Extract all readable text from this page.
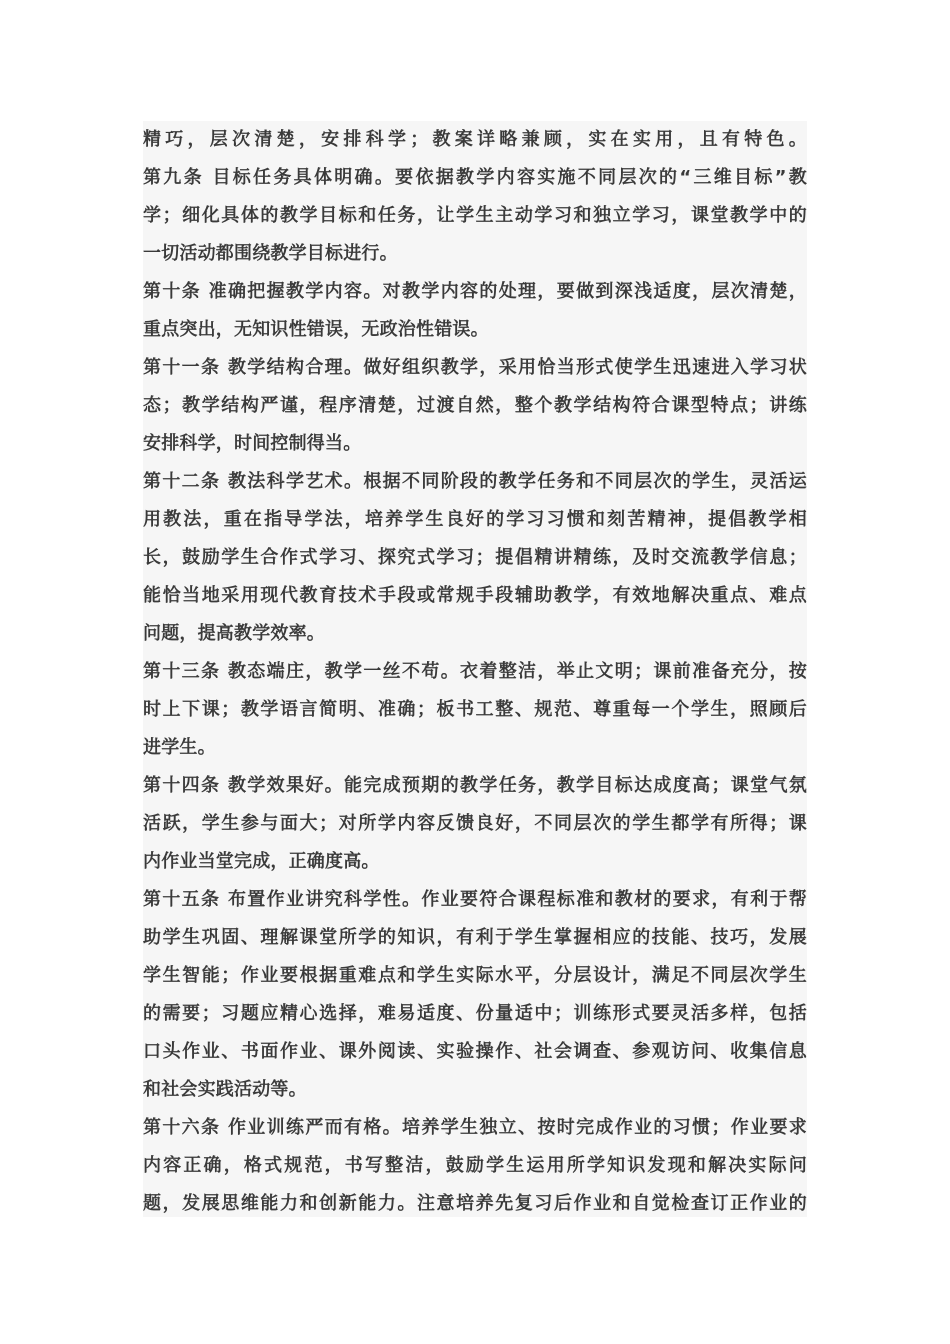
精巧，层次清楚，安排科学；教案详略兼顾，实在实用，且有特色。
第九条 目标任务具体明确。要依据教学内容实施不同层次的“三维目标”教
学；细化具体的教学目标和任务，让学生主动学习和独立学习，课堂教学中的
一切活动都围绕教学目标进行。
第十条 准确把握教学内容。对教学内容的处理，要做到深浅适度，层次清楚，
重点突出，无知识性错误，无政治性错误。
第十一条 教学结构合理。做好组织教学，采用恰当形式使学生迅速进入学习状
态；教学结构严谨，程序清楚，过渡自然，整个教学结构符合课型特点；讲练
安排科学，时间控制得当。
第十二条 教法科学艺术。根据不同阶段的教学任务和不同层次的学生，灵活运
用教法，重在指导学法，培养学生良好的学习习惯和刻苦精神，提倡教学相
长，鼓励学生合作式学习、探究式学习；提倡精讲精练，及时交流教学信息；
能恰当地采用现代教育技术手段或常规手段辅助教学，有效地解决重点、难点
问题，提高教学效率。
第十三条 教态端庄，教学一丝不苟。衣着整洁，举止文明；课前准备充分，按
时上下课；教学语言简明、准确；板书工整、规范、尊重每一个学生，照顾后
进学生。
第十四条 教学效果好。能完成预期的教学任务，教学目标达成度高；课堂气氛
活跃，学生参与面大；对所学内容反馈良好，不同层次的学生都学有所得；课
内作业当堂完成，正确度高。
第十五条 布置作业讲究科学性。作业要符合课程标准和教材的要求，有利于帮
助学生巩固、理解课堂所学的知识，有利于学生掌握相应的技能、技巧，发展
学生智能；作业要根据重难点和学生实际水平，分层设计，满足不同层次学生
的需要；习题应精心选择，难易适度、份量适中；训练形式要灵活多样，包括
口头作业、书面作业、课外阅读、实验操作、社会调查、参观访问、收集信息
和社会实践活动等。
第十六条 作业训练严而有格。培养学生独立、按时完成作业的习惯；作业要求
内容正确，格式规范，书写整洁，鼓励学生运用所学知识发现和解决实际问
题，发展思维能力和创新能力。注意培养先复习后作业和自觉检查订正作业的
